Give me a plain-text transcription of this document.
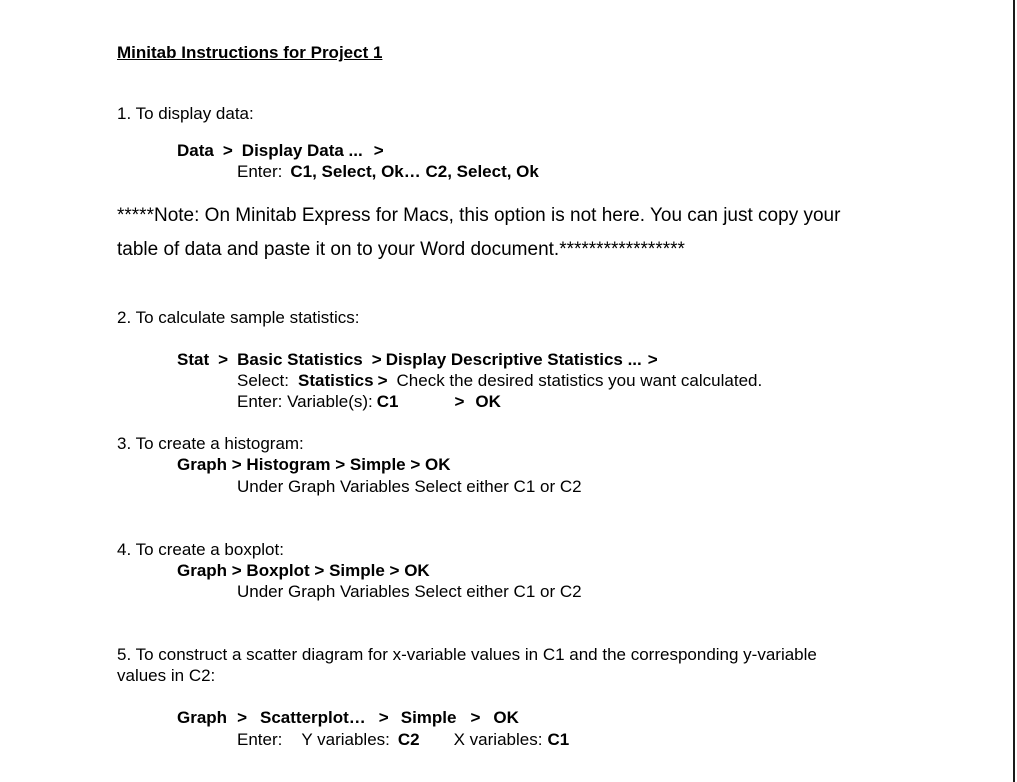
Minitab Instructions for Project 1
1. To display data:
Data > Display Data ... >
Enter: C1, Select, Ok… C2, Select, Ok
*****Note: On Minitab Express for Macs, this option is not here. You can just copy your
table of data and paste it on to your Word document.*****************
2. To calculate sample statistics:
Stat > Basic Statistics > Display Descriptive Statistics ... >
Select: Statistics > Check the desired statistics you want calculated.
Enter: Variable(s): C1	> OK
3. To create a histogram:
Graph > Histogram > Simple > OK
Under Graph Variables Select either C1 or C2
4. To create a boxplot:
Graph > Boxplot > Simple > OK
Under Graph Variables Select either C1 or C2
5. To construct a scatter diagram for x-variable values in C1 and the corresponding y-variable
values in C2:
Graph > Scatterplot… > Simple > OK
Enter: Y variables: C2 X variables: C1
